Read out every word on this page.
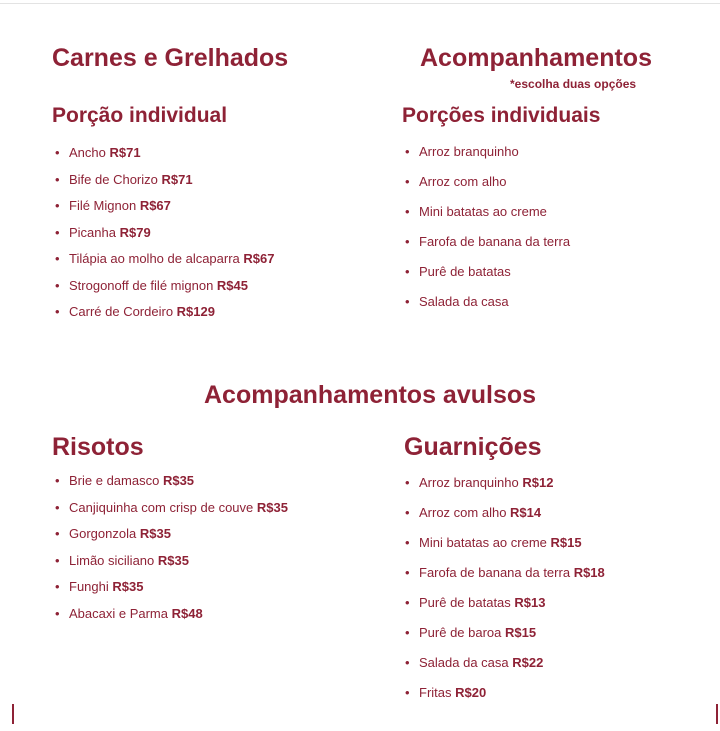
Carnes e Grelhados
Porção individual
• Ancho R$71
• Bife de Chorizo R$71
• Filé Mignon R$67
• Picanha R$79
• Tilápia ao molho de alcaparra R$67
• Strogonoff de filé mignon R$45
• Carré de Cordeiro R$129
Acompanhamentos
*escolha duas opções
Porções individuais
• Arroz branquinho
• Arroz com alho
• Mini batatas ao creme
• Farofa de banana da terra
• Purê de batatas
• Salada da casa
Acompanhamentos avulsos
Risotos
• Brie e damasco R$35
• Canjiquinha com crisp de couve R$35
• Gorgonzola R$35
• Limão siciliano R$35
• Funghi R$35
• Abacaxi e Parma R$48
Guarnições
• Arroz branquinho R$12
• Arroz com alho R$14
• Mini batatas ao creme R$15
• Farofa de banana da terra R$18
• Purê de batatas R$13
• Purê de baroa R$15
• Salada da casa R$22
• Fritas R$20
